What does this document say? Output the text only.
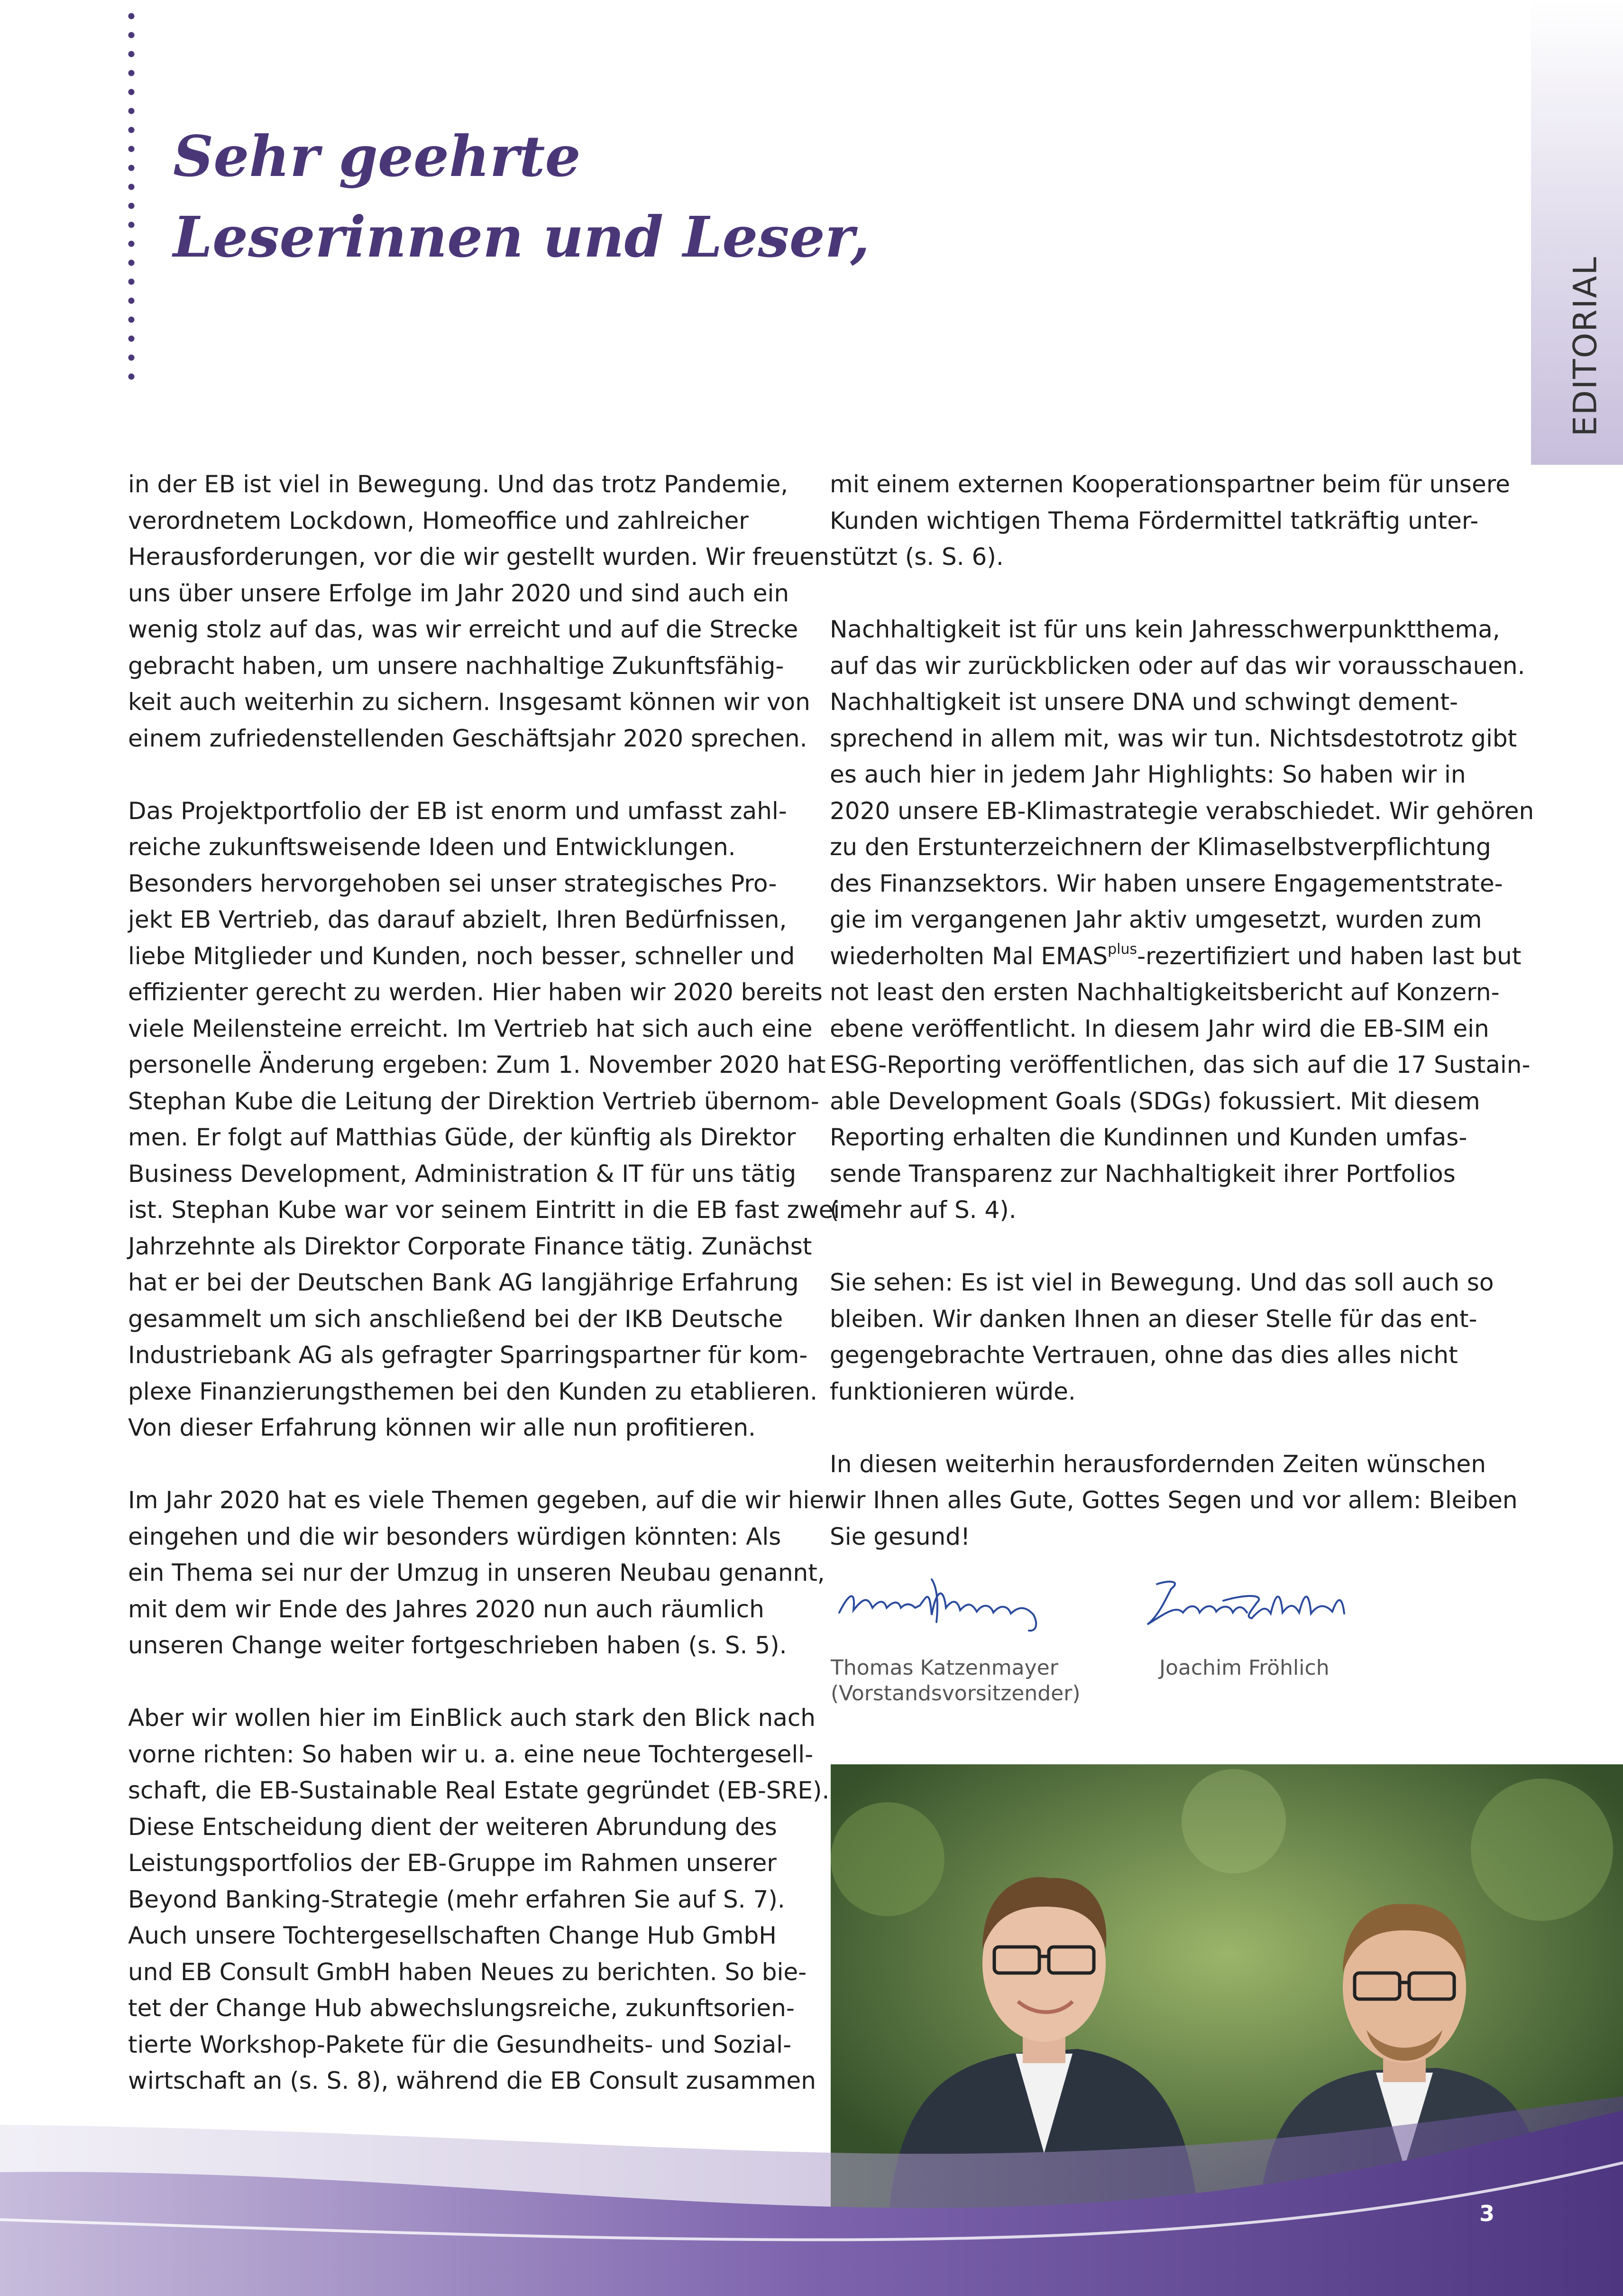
Sehr geehrte
Leserinnen und Leser,
EDITORIAL
in der EB ist viel in Bewegung. Und das trotz Pandemie,
verordnetem Lockdown, Homeoffice und zahlreicher
Herausforderungen, vor die wir gestellt wurden. Wir freuen
uns über unsere Erfolge im Jahr 2020 und sind auch ein
wenig stolz auf das, was wir erreicht und auf die Strecke
gebracht haben, um unsere nachhaltige Zukunftsfähig-
keit auch weiterhin zu sichern. Insgesamt können wir von
einem zufriedenstellenden Geschäftsjahr 2020 sprechen.
Das Projektportfolio der EB ist enorm und umfasst zahl-
reiche zukunftsweisende Ideen und Entwicklungen.
Besonders hervorgehoben sei unser strategisches Pro-
jekt EB Vertrieb, das darauf abzielt, Ihren Bedürfnissen,
liebe Mitglieder und Kunden, noch besser, schneller und
effizienter gerecht zu werden. Hier haben wir 2020 bereits
viele Meilensteine erreicht. Im Vertrieb hat sich auch eine
personelle Änderung ergeben: Zum 1. November 2020 hat
Stephan Kube die Leitung der Direktion Vertrieb übernom-
men. Er folgt auf Matthias Güde, der künftig als Direktor
Business Development, Administration & IT für uns tätig
ist. Stephan Kube war vor seinem Eintritt in die EB fast zwei
Jahrzehnte als Direktor Corporate Finance tätig. Zunächst
hat er bei der Deutschen Bank AG langjährige Erfahrung
gesammelt um sich anschließend bei der IKB Deutsche
Industriebank AG als gefragter Sparringspartner für kom-
plexe Finanzierungsthemen bei den Kunden zu etablieren.
Von dieser Erfahrung können wir alle nun profitieren.
Im Jahr 2020 hat es viele Themen gegeben, auf die wir hier
eingehen und die wir besonders würdigen könnten: Als
ein Thema sei nur der Umzug in unseren Neubau genannt,
mit dem wir Ende des Jahres 2020 nun auch räumlich
unseren Change weiter fortgeschrieben haben (s. S. 5).
Aber wir wollen hier im EinBlick auch stark den Blick nach
vorne richten: So haben wir u. a. eine neue Tochtergesell-
schaft, die EB-Sustainable Real Estate gegründet (EB-SRE).
Diese Entscheidung dient der weiteren Abrundung des
Leistungsportfolios der EB-Gruppe im Rahmen unserer
Beyond Banking-Strategie (mehr erfahren Sie auf S. 7).
Auch unsere Tochtergesellschaften Change Hub GmbH
und EB Consult GmbH haben Neues zu berichten. So bie-
tet der Change Hub abwechslungsreiche, zukunftsorien-
tierte Workshop-Pakete für die Gesundheits- und Sozial-
wirtschaft an (s. S. 8), während die EB Consult zusammen
mit einem externen Kooperationspartner beim für unsere
Kunden wichtigen Thema Fördermittel tatkräftig unter-
stützt (s. S. 6).
Nachhaltigkeit ist für uns kein Jahresschwerpunktthema,
auf das wir zurückblicken oder auf das wir vorausschauen.
Nachhaltigkeit ist unsere DNA und schwingt dement-
sprechend in allem mit, was wir tun. Nichtsdestotrotz gibt
es auch hier in jedem Jahr Highlights: So haben wir in
2020 unsere EB-Klimastrategie verabschiedet. Wir gehören
zu den Erstunterzeichnern der Klimaselbstverpflichtung
des Finanzsektors. Wir haben unsere Engagementstrate-
gie im vergangenen Jahr aktiv umgesetzt, wurden zum
wiederholten Mal $EMAS^{plus}$-rezertifiziert und haben last but
not least den ersten Nachhaltigkeitsbericht auf Konzern-
ebene veröffentlicht. In diesem Jahr wird die EB-SIM ein
ESG-Reporting veröffentlichen, das sich auf die 17 Sustain-
able Development Goals (SDGs) fokussiert. Mit diesem
Reporting erhalten die Kundinnen und Kunden umfas-
sende Transparenz zur Nachhaltigkeit ihrer Portfolios
(mehr auf S. 4).
Sie sehen: Es ist viel in Bewegung. Und das soll auch so
bleiben. Wir danken Ihnen an dieser Stelle für das ent-
gegengebrachte Vertrauen, ohne das dies alles nicht
funktionieren würde.
In diesen weiterhin herausfordernden Zeiten wünschen
wir Ihnen alles Gute, Gottes Segen und vor allem: Bleiben
Sie gesund!
Thomas Katzenmayer
(Vorstandsvorsitzender)
Joachim Fröhlich
3
